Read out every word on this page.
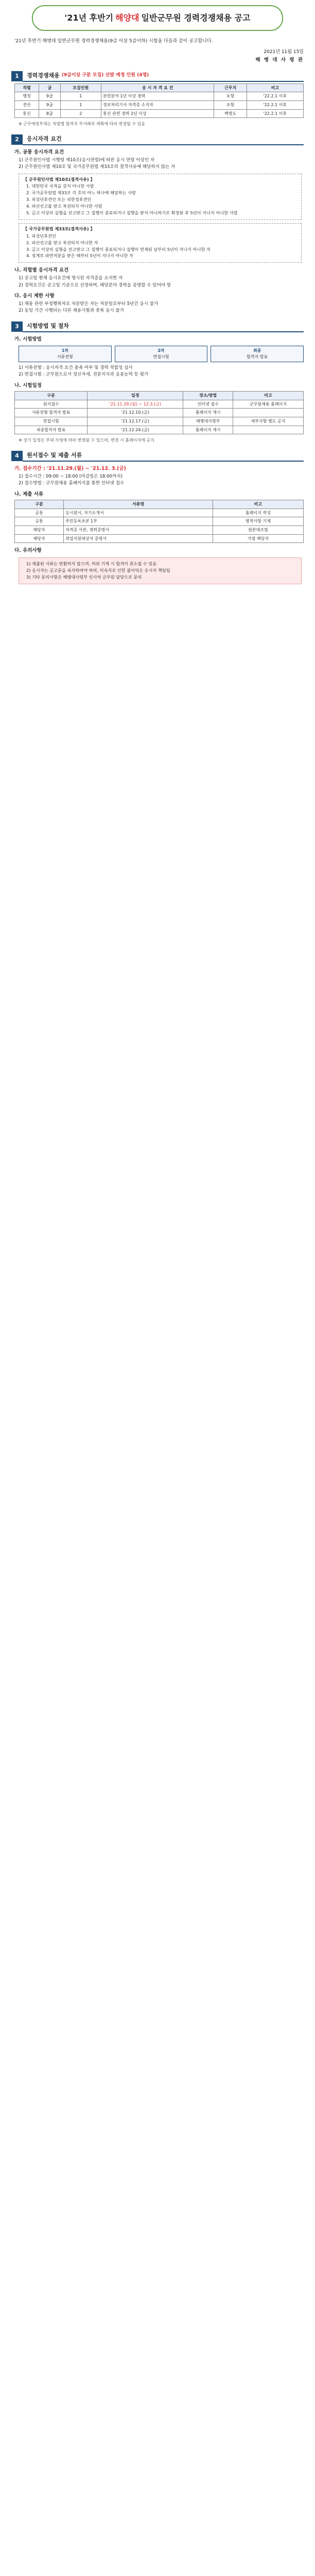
'21년 후반기 해양대 일반군무원 경력경쟁채용 공고
'21년 후반기 해병대 일반군무원 경력경쟁채용(9급 이상 5급이하) 시험을 다음과 같이 공고합니다.
2021년 11월 15일
해 병 대 사 령 관
1	경력경쟁채용 (9급이상 구분 모집) 선발 예정 인원 (4명)
직렬	급	모집인원	응 시 자 격 요 건	근무지	비고
행정	9급	1	관련분야 1년 이상 경력	포항	'22.2.1 이후
전산	9급	1	정보처리기사 자격증 소지자	포항	'22.2.1 이후
통신	8급	2	통신 관련 경력 2년 이상	백령도	'22.2.1 이후
※ 근무예정부대는 직렬별 합격자 부서배치 계획에 따라 변경될 수 있음
2	응시자격 요건
가. 공통 응시자격 요건
1) 군무원인사법 시행령 제10조(응시연령)에 따른 응시 연령 이상인 자
2) 군무원인사법 제10조 및 국가공무원법 제33조의 결격사유에 해당하지 않는 자
【 군무원인사법 제10조(결격사유) 】
1. 대한민국 국적을 갖지 아니한 사람
2. 국가공무원법 제33조 각 호의 어느 하나에 해당하는 사람
3. 피성년후견인 또는 피한정후견인
4. 파산선고를 받고 복권되지 아니한 사람
5. 금고 이상의 실형을 선고받고 그 집행이 종료되거나 집행을 받지 아니하기로 확정된 후 5년이 지나지 아니한 사람
【 국가공무원법 제33조(결격사유) 】
1. 피성년후견인
2. 파산선고를 받고 복권되지 아니한 자
3. 금고 이상의 실형을 선고받고 그 집행이 종료되거나 집행이 면제된 날부터 5년이 지나지 아니한 자
4. 징계로 파면처분을 받은 때부터 5년이 지나지 아니한 자
나. 직렬별 응시자격 요건
1) 공고일 현재 응시요건에 명시된 자격증을 소지한 자
2) 경력요건은 공고일 기준으로 산정하며, 해당분야 경력을 증명할 수 있어야 함
다. 응시 제한 사항
1) 채용 관련 부정행위자로 처분받은 자는 처분일로부터 5년간 응시 불가
2) 동일 기간 시행되는 다른 채용시험과 중복 응시 불가
3	시험방법 및 절차
가. 시험방법
1차
서류전형
2차
면접시험
최종
합격자 발표
1) 서류전형 : 응시자격 요건 충족 여부 및 경력 적합성 심사
2) 면접시험 : 군무원으로서 정신자세, 전문지식과 응용능력 등 평가
나. 시험일정
구분	일정	장소/방법	비고
원서접수	'21.11.29.(월) ~ 12.3.(금)	인터넷 접수	군무원채용 홈페이지
서류전형 합격자 발표	'21.12.10.(금)	홈페이지 게시	
면접시험	'21.12.17.(금)	해병대사령부	세부사항 별도 공지
최종합격자 발표	'21.12.24.(금)	홈페이지 게시	
※ 상기 일정은 부대 사정에 따라 변경될 수 있으며, 변경 시 홈페이지에 공지
4	원서접수 및 제출 서류
가. 접수기간 : '21.11.29.(월) ~ '21.12. 3.(금)
1) 접수시간 : 09:00 ~ 18:00 (마감일은 18:00까지)
2) 접수방법 : 군무원채용 홈페이지를 통한 인터넷 접수
나. 제출 서류
구분	서류명	비고
공통	응시원서, 자기소개서	홈페이지 작성
공통	주민등록초본 1부	병적사항 기재
해당자	자격증 사본, 경력증명서	원본대조필
해당자	취업지원대상자 증명서	가점 해당자
다. 유의사항
1) 제출된 서류는 반환하지 않으며, 허위 기재 시 합격이 취소될 수 있음
2) 응시자는 공고문을 숙지하여야 하며, 미숙지로 인한 불이익은 응시자 책임임
3) 기타 문의사항은 해병대사령부 인사처 군무원 담당으로 문의
